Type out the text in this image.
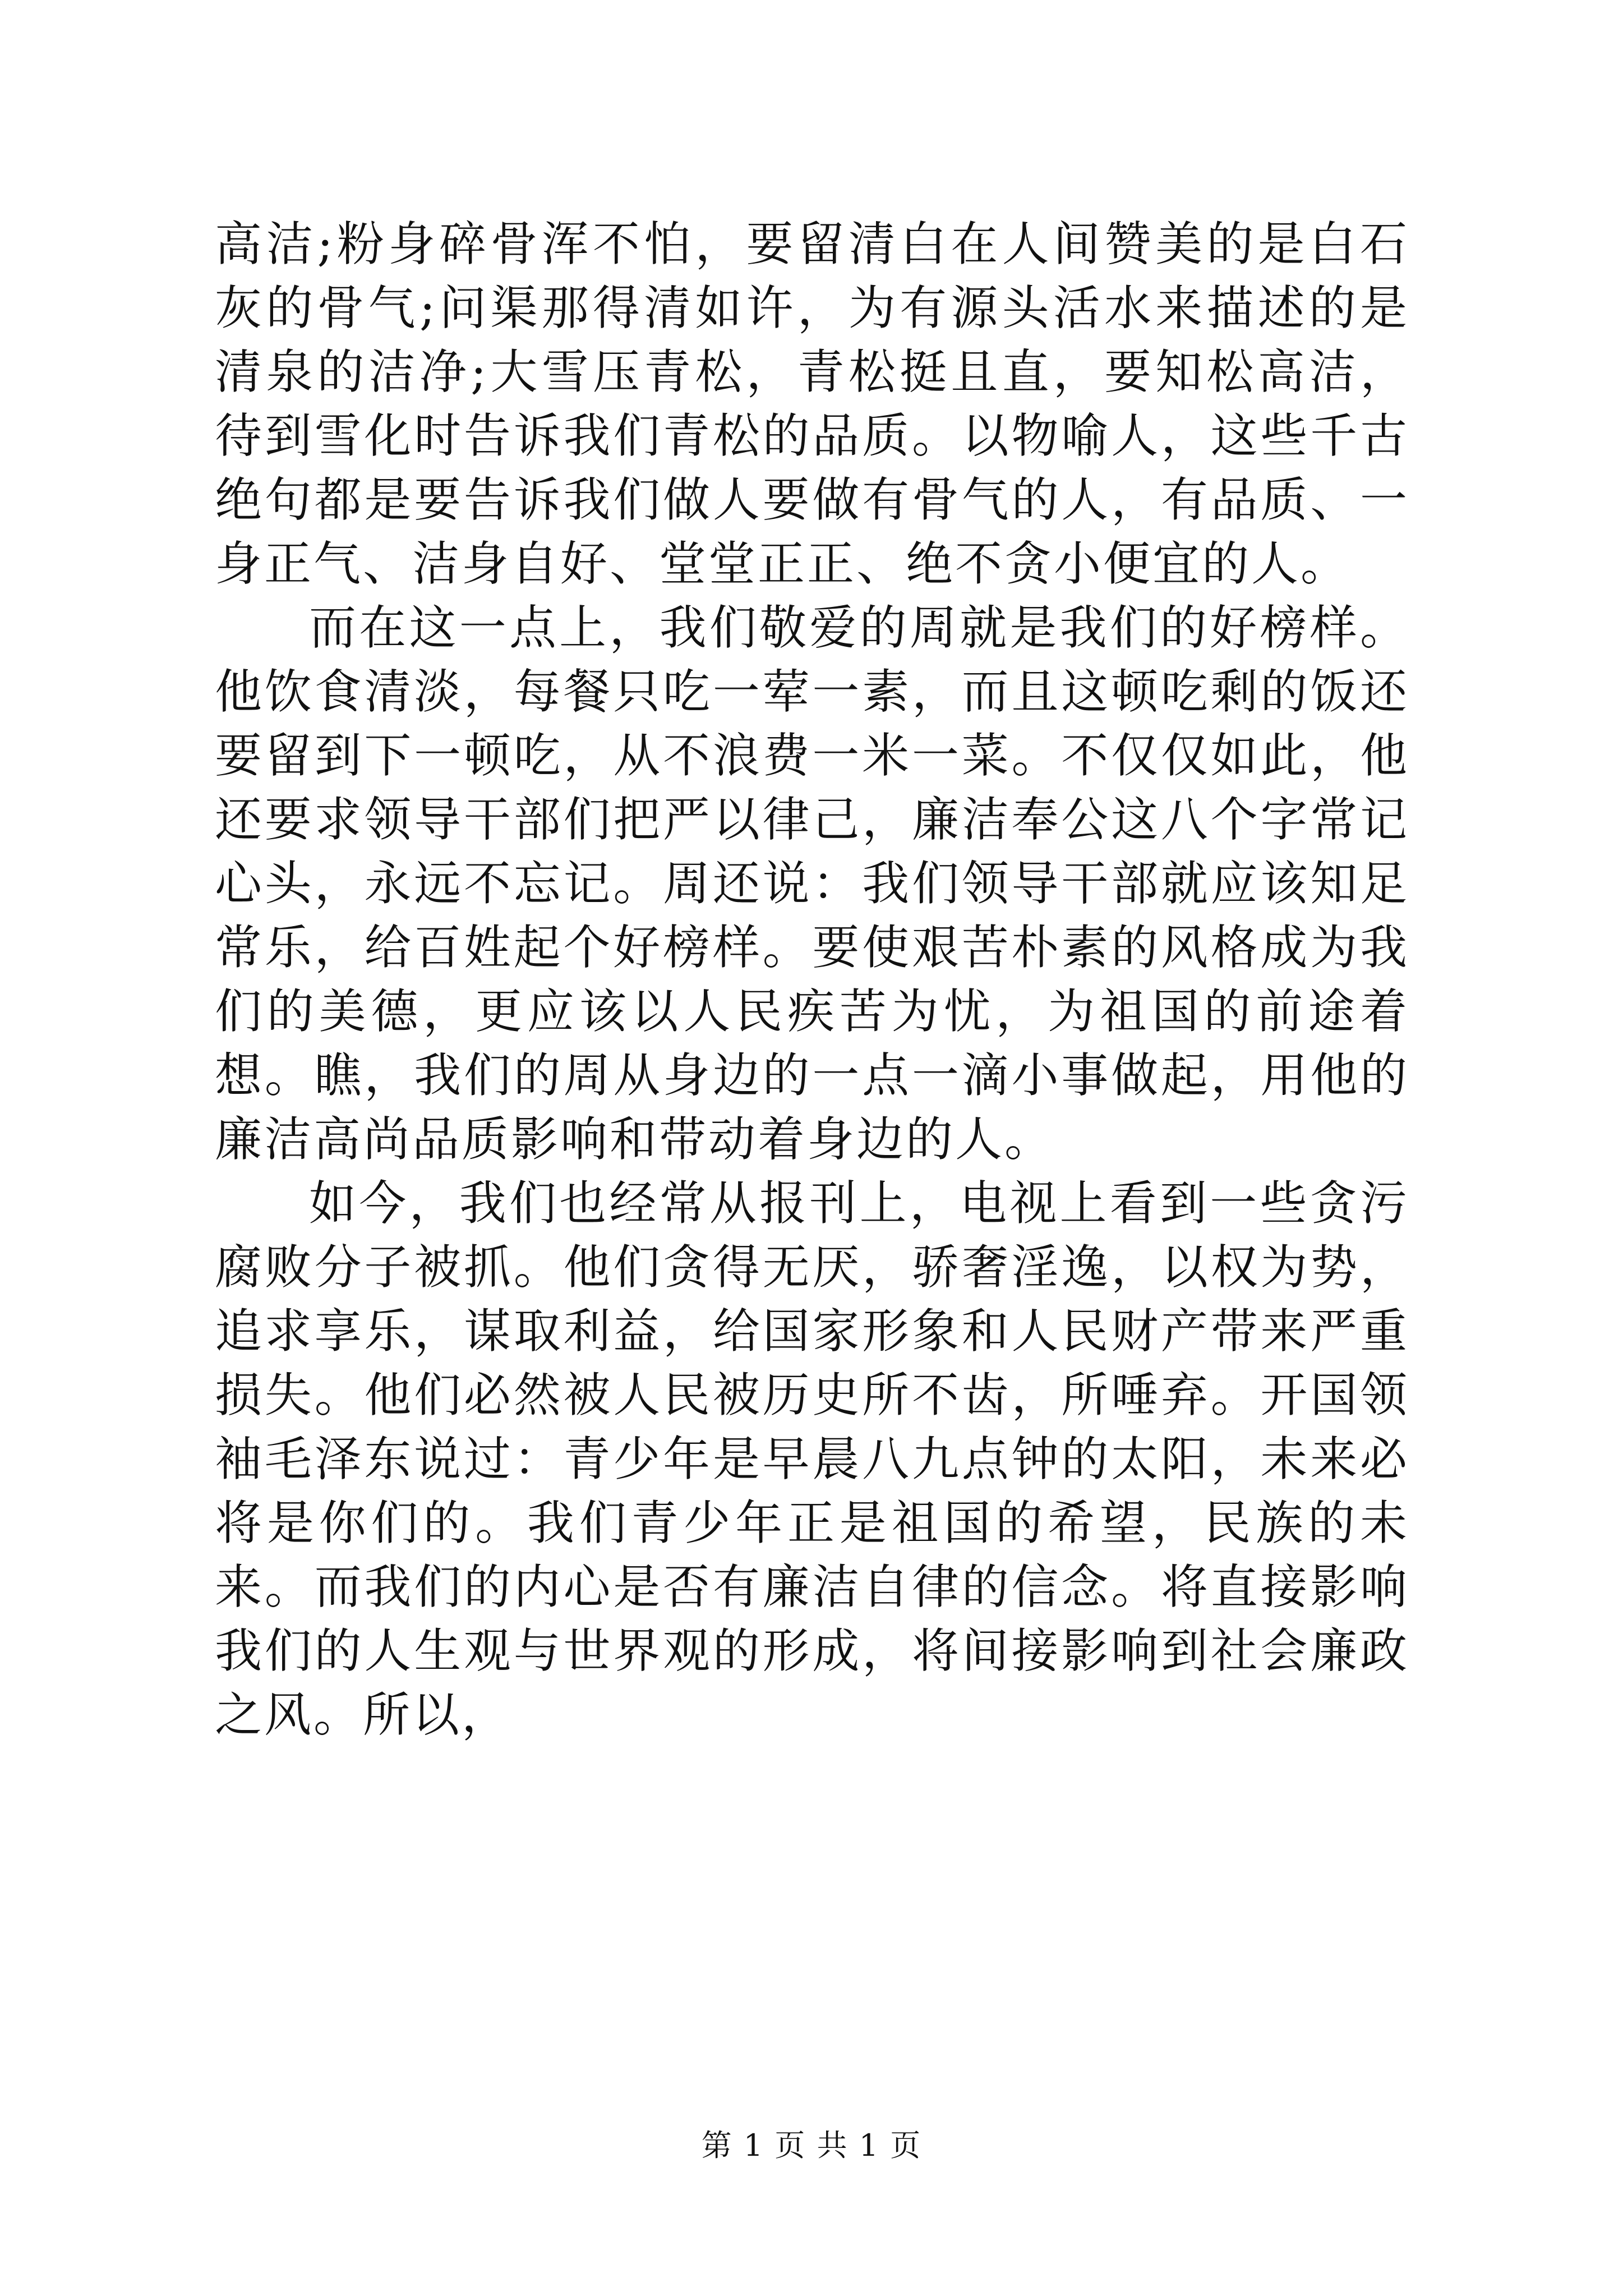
高洁;粉身碎骨浑不怕，要留清白在人间赞美的是白石灰的骨气;问渠那得清如许，为有源头活水来描述的是清泉的洁净;大雪压青松，青松挺且直，要知松高洁，待到雪化时告诉我们青松的品质。以物喻人，这些千古绝句都是要告诉我们做人要做有骨气的人，有品质、一身正气、洁身自好、堂堂正正、绝不贪小便宜的人。

而在这一点上，我们敬爱的周就是我们的好榜样。他饮食清淡，每餐只吃一荤一素，而且这顿吃剩的饭还要留到下一顿吃，从不浪费一米一菜。不仅仅如此，他还要求领导干部们把严以律己，廉洁奉公这八个字常记心头，永远不忘记。周还说：我们领导干部就应该知足常乐，给百姓起个好榜样。要使艰苦朴素的风格成为我们的美德，更应该以人民疾苦为忧，为祖国的前途着想。瞧，我们的周从身边的一点一滴小事做起，用他的廉洁高尚品质影响和带动着身边的人。

如今，我们也经常从报刊上，电视上看到一些贪污腐败分子被抓。他们贪得无厌，骄奢淫逸，以权为势，追求享乐，谋取利益，给国家形象和人民财产带来严重损失。他们必然被人民被历史所不齿，所唾弃。开国领袖毛泽东说过：青少年是早晨八九点钟的太阳，未来必将是你们的。我们青少年正是祖国的希望，民族的未来。而我们的内心是否有廉洁自律的信念。将直接影响我们的人生观与世界观的形成，将间接影响到社会廉政之风。所以，

第 1 页 共 1 页
